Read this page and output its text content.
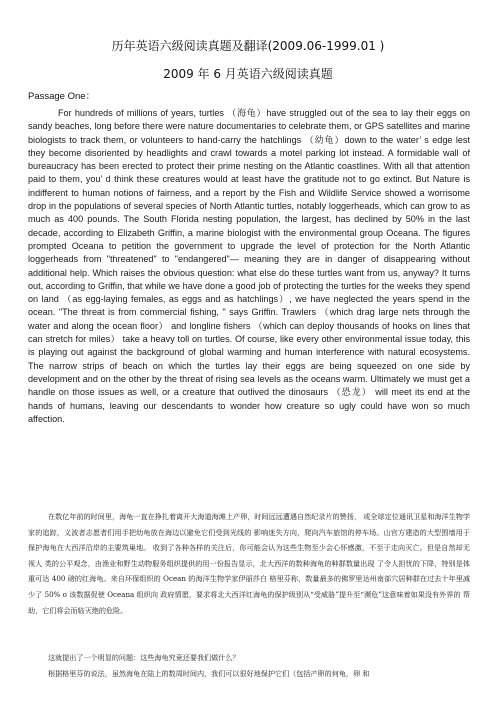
历年英语六级阅读真题及翻译(2009.06-1999.01 )
2009 年 6 月英语六级阅读真题
Passage One：

For hundreds of millions of years, turtles （海龟）have struggled out of the sea to lay their eggs on sandy beaches, long before there were nature documentaries to celebrate them, or GPS satellites and marine biologists to track them, or volunteers to hand-carry the hatchlings （幼龟）down to the water’ s edge lest they become disoriented by headlights and crawl towards a motel parking lot instead. A formidable wall of bureaucracy has been erected to protect their prime nesting on the Atlantic coastlines. With all that attention paid to them, you’ d think these creatures would at least have the gratitude not to go extinct. But Nature is indifferent to human notions of fairness, and a report by the Fish and Wildlife Service showed a worrisome drop in the populations of several species of North Atlantic turtles, notably loggerheads, which can grow to as much as 400 pounds. The South Florida nesting population, the largest, has declined by 50% in the last decade, according to Elizabeth Griffin, a marine biologist with the environmental group Oceana. The figures prompted Oceana to petition the government to upgrade the level of protection for the North Atlantic loggerheads from "threatened" to "endangered"— meaning they are in danger of disappearing without additional help. Which raises the obvious question: what else do these turtles want from us, anyway? It turns out, according to Griffin, that while we have done a good job of protecting the turtles for the weeks they spend on land （as egg-laying females, as eggs and as hatchlings）, we have neglected the years spend in the ocean. "The threat is from commercial fishing, " says Griffin. Trawlers （which drag large nets through the water and along the ocean floor） and longline fishers （which can deploy thousands of hooks on lines that can stretch for miles） take a heavy toll on turtles. Of course, like every other environmental issue today, this is playing out against the background of global warming and human interference with natural ecosystems. The narrow strips of beach on which the turtles lay their eggs are being squeezed on one side by development and on the other by the threat of rising sea levels as the oceans warm. Ultimately we must get a handle on those issues as well, or a creature that outlived the dinosaurs （恐龙） will meet its end at the hands of humans, leaving our descendants to wonder how creature so ugly could have won so much affection.

在数亿年前的时间里，海龟一直在挣扎着离开大海道海滩上产卵，时间远远遭遇自然纪录片的赞扬， 或全球定位通讯卫星和海洋生物学家的追踪，义波者志愿者们用手把幼龟放在海边以避免它们受到光线的 影响迷失方向，爬向汽车旅馆的停车场。山官方建造的大型围墙用于保护海龟在大西洋沿岸的主要筑巢地。 收到了各种各样的关注后，你可能会认为这些生物至少会心怀感激，不至于走向灭亡。但是自然却无视人 类的公平观念，由渔业和野生动物服务组织提供的用一份报告显示，北大西洋的数种海龟的种群数量出现 了令人担忧的下降，特别是体重可达 400 磅的红海龟。来自环保组织的 Ocean 的海洋生物学家伊丽莎白 格里芬称，数量最多的佛罗里达州南部穴居种群在过去十年里减少了 50% o 该数据促使 Oceana 组织向 政府情愿，要求将北大西洋红海龟的保护级别从“受威胁”提升至“濒危”这意味着如果没有外界的 帮助，它们将会而临灭绝的危险。

这就提出了一个明显的问题：这些海龟究竟还要我们做什么？

根据格里芬的说法，虽然海龟在陆上的数周时间内，我们可以很好地保护它们（包括产卵的何龟，卵 和
